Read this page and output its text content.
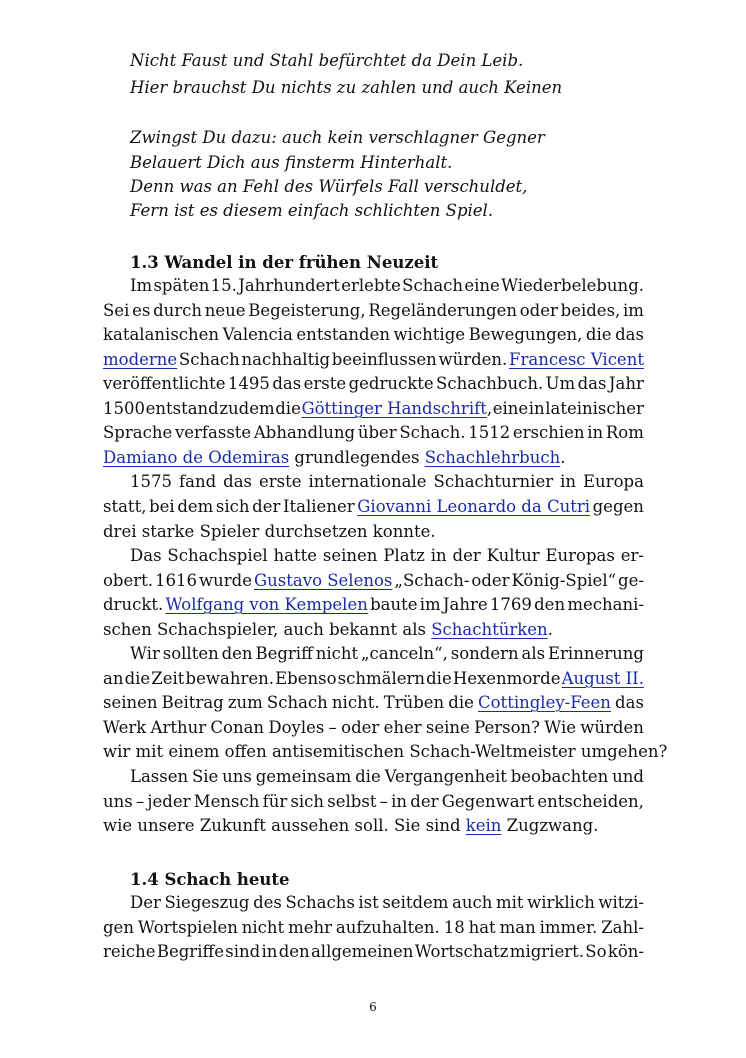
Nicht Faust und Stahl befürchtet da Dein Leib.
Hier brauchst Du nichts zu zahlen und auch Keinen
Zwingst Du dazu: auch kein verschlagner Gegner
Belauert Dich aus finsterm Hinterhalt.
Denn was an Fehl des Würfels Fall verschuldet,
Fern ist es diesem einfach schlichten Spiel.
6
1.3 Wandel in der frühen Neuzeit
Im späten 15. Jahrhundert erlebte Schach eine Wiederbelebung.
Sei es durch neue Begeisterung, Regeländerungen oder beides, im
katalanischen Valencia entstanden wichtige Bewegungen, die das
moderne Schach nachhaltig beeinflussen würden. Francesc Vicent
veröffentlichte 1495 das erste gedruckte Schachbuch. Um das Jahr
1500 entstand zudem die Göttinger Handschrift, eine in lateinischer
Sprache verfasste Abhandlung über Schach. 1512 erschien in Rom
Damiano de Odemiras grundlegendes Schachlehrbuch.
1575 fand das erste internationale Schachturnier in Europa
statt, bei dem sich der Italiener Giovanni Leonardo da Cutri gegen
drei starke Spieler durchsetzen konnte.
Das Schachspiel hatte seinen Platz in der Kultur Europas er-
obert. 1616 wurde Gustavo Selenos „Schach- oder König-Spiel“ ge-
druckt. Wolfgang von Kempelen baute im Jahre 1769 den mechani-
schen Schachspieler, auch bekannt als Schachtürken.
Wir sollten den Begriff nicht „canceln“, sondern als Erinnerung
an die Zeit bewahren. Ebenso schmälern die Hexenmorde August II.
seinen Beitrag zum Schach nicht. Trüben die Cottingley-Feen das
Werk Arthur Conan Doyles – oder eher seine Person? Wie würden
wir mit einem offen antisemitischen Schach-Weltmeister umgehen?
Lassen Sie uns gemeinsam die Vergangenheit beobachten und
uns – jeder Mensch für sich selbst – in der Gegenwart entscheiden,
wie unsere Zukunft aussehen soll. Sie sind kein Zugzwang.
1.4 Schach heute
Der Siegeszug des Schachs ist seitdem auch mit wirklich witzi-
gen Wortspielen nicht mehr aufzuhalten. 18 hat man immer. Zahl-
reiche Begriffe sind in den allgemeinen Wortschatz migriert. So kön-
